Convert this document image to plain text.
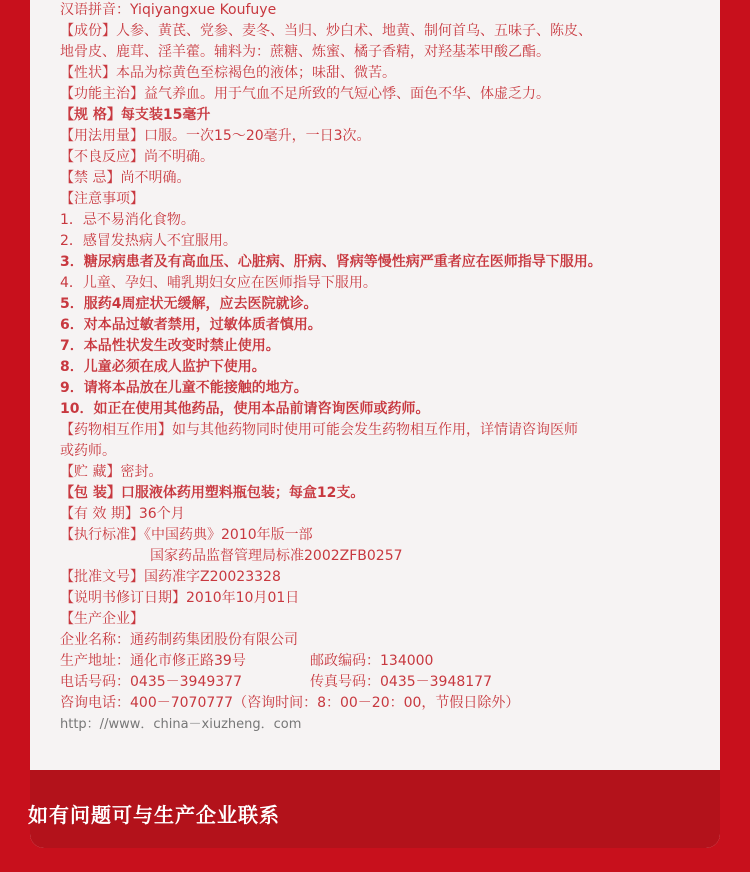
汉语拼音：Yiqiyangxue Koufuye
【成份】人参、黄芪、党参、麦冬、当归、炒白术、地黄、制何首乌、五味子、陈皮、
地骨皮、鹿茸、淫羊藿。辅料为：蔗糖、炼蜜、橘子香精，对羟基苯甲酸乙酯。
【性状】本品为棕黄色至棕褐色的液体；味甜、微苦。
【功能主治】益气养血。用于气血不足所致的气短心悸、面色不华、体虚乏力。
【规 格】每支装15毫升
【用法用量】口服。一次15～20毫升，一日3次。
【不良反应】尚不明确。
【禁 忌】尚不明确。
【注意事项】
1．忌不易消化食物。
2．感冒发热病人不宜服用。
3．糖尿病患者及有高血压、心脏病、肝病、肾病等慢性病严重者应在医师指导下服用。
4．儿童、孕妇、哺乳期妇女应在医师指导下服用。
5．服药4周症状无缓解，应去医院就诊。
6．对本品过敏者禁用，过敏体质者慎用。
7．本品性状发生改变时禁止使用。
8．儿童必须在成人监护下使用。
9．请将本品放在儿童不能接触的地方。
10．如正在使用其他药品，使用本品前请咨询医师或药师。
【药物相互作用】如与其他药物同时使用可能会发生药物相互作用，详情请咨询医师
或药师。
【贮 藏】密封。
【包 装】口服液体药用塑料瓶包装；每盒12支。
【有 效 期】36个月
【执行标准】《中国药典》2010年版一部
国家药品监督管理局标准2002ZFB0257
【批准文号】国药准字Z20023328
【说明书修订日期】2010年10月01日
【生产企业】
企业名称：通药制药集团股份有限公司
生产地址：通化市修正路39号	邮政编码：134000
电话号码：0435－3949377	传真号码：0435－3948177
咨询电话：400－7070777（咨询时间：8：00－20：00，节假日除外）
http：//www．china－xiuzheng．com
如有问题可与生产企业联系
